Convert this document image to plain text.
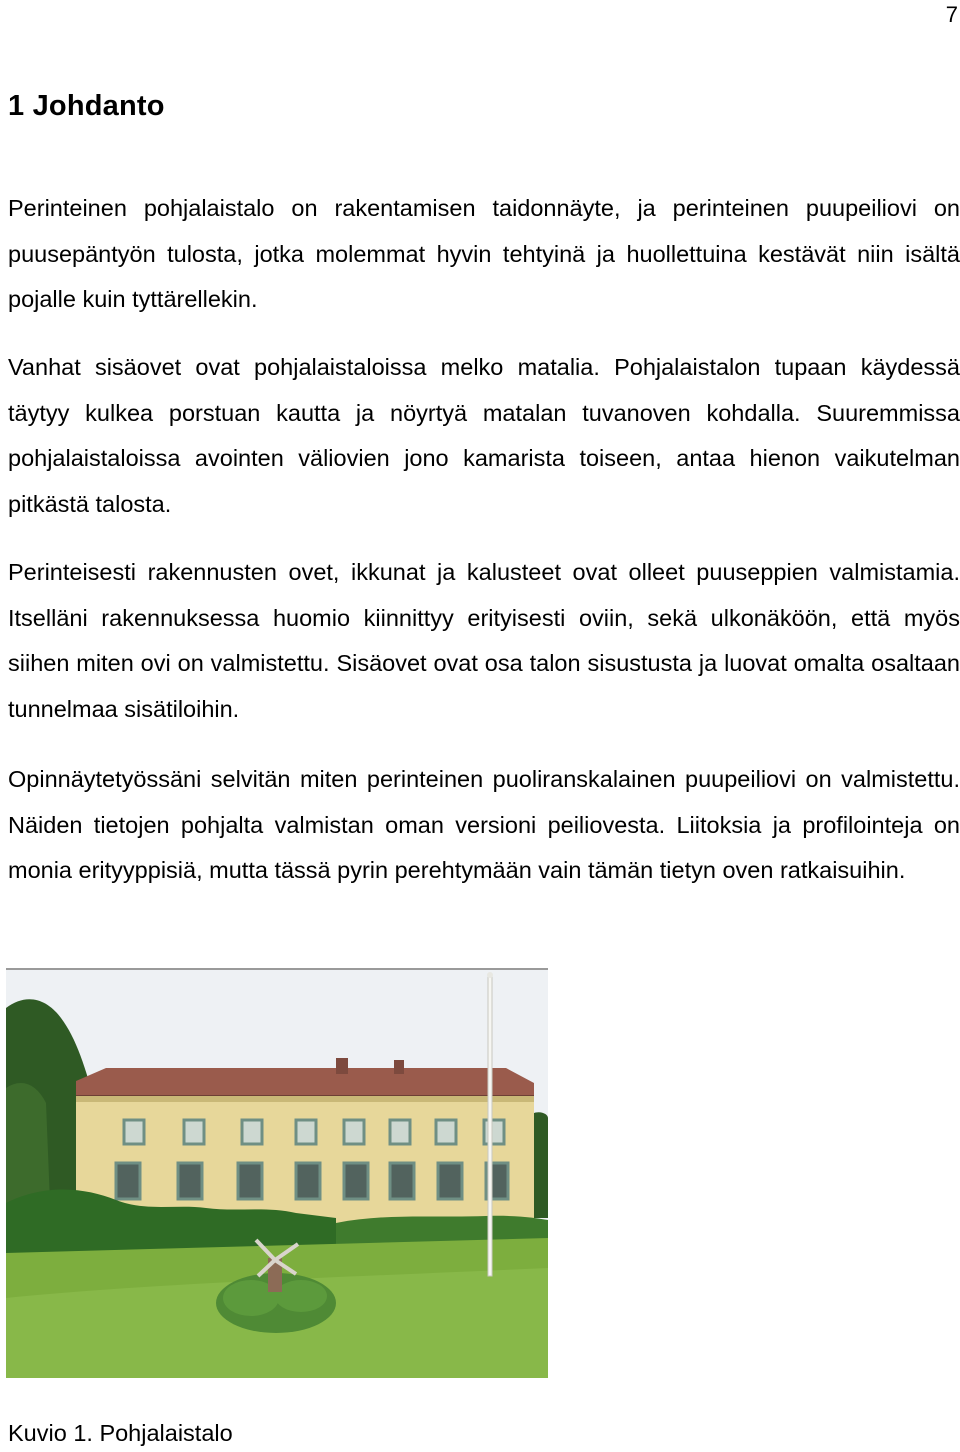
7
1 Johdanto

Perinteinen pohjalaistalo on rakentamisen taidonnäyte, ja perinteinen puupeiliovi on puusepäntyön tulosta, jotka molemmat hyvin tehtyinä ja huollettuina kestävät niin isältä pojalle kuin tyttärellekin.

Vanhat sisäovet ovat pohjalaistaloissa melko matalia. Pohjalaistalon tupaan käydessä täytyy kulkea porstuan kautta ja nöyrtyä matalan tuvanoven kohdalla. Suuremmissa pohjalaistaloissa avointen väliovien jono kamarista toiseen, antaa hienon vaikutelman pitkästä talosta.

Perinteisesti rakennusten ovet, ikkunat ja kalusteet ovat olleet puuseppien valmistamia. Itselläni rakennuksessa huomio kiinnittyy erityisesti oviin, sekä ulkonäköön, että myös siihen miten ovi on valmistettu. Sisäovet ovat osa talon sisustusta ja luovat omalta osaltaan tunnelmaa sisätiloihin.

Opinnäytetyössäni selvitän miten perinteinen puoliranskalainen puupeiliovi on valmistettu. Näiden tietojen pohjalta valmistan oman versioni peiliovesta. Liitoksia ja profilointeja on monia erityyppisiä, mutta tässä pyrin perehtymään vain tämän tietyn oven ratkaisuihin.

Kuvio 1. Pohjalaistalo
